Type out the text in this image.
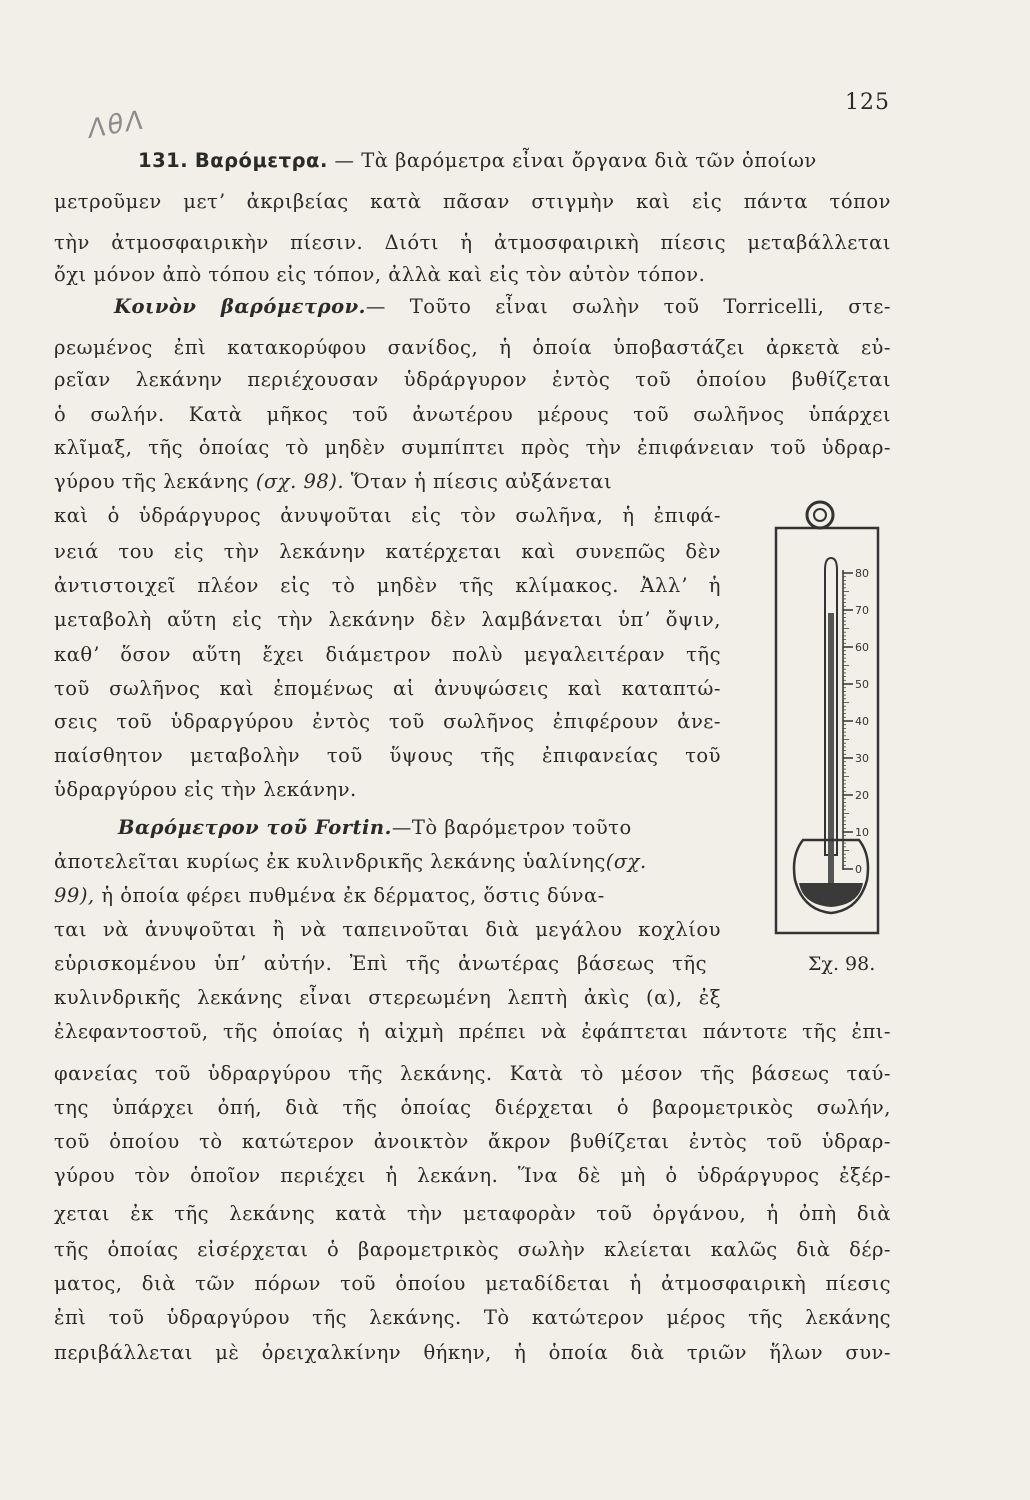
125
ΛθΛ
131. Βαρόμετρα. — Τὰ βαρόμετρα εἶναι ὄργανα διὰ τῶν ὁποίων
μετροῦμεν μετʼ ἀκριβείας κατὰ πᾶσαν στιγμὴν καὶ εἰς πάντα τόπον
τὴν ἀτμοσφαιρικὴν πίεσιν. Διότι ἡ ἀτμοσφαιρικὴ πίεσις μεταβάλλεται
ὄχι μόνον ἀπὸ τόπου εἰς τόπον, ἀλλὰ καὶ εἰς τὸν αὐτὸν τόπον.
Κοινὸν βαρόμετρον.— Τοῦτο εἶναι σωλὴν τοῦ Torricelli, στε-
ρεωμένος ἐπὶ κατακορύφου σανίδος, ἡ ὁποία ὑποβαστάζει ἀρκετὰ εὐ-
ρεῖαν λεκάνην περιέχουσαν ὑδράργυρον ἐντὸς τοῦ ὁποίου βυθίζεται
ὁ σωλήν. Κατὰ μῆκος τοῦ ἀνωτέρου μέρους τοῦ σωλῆνος ὑπάρχει
κλῖμαξ, τῆς ὁποίας τὸ μηδὲν συμπίπτει πρὸς τὴν ἐπιφάνειαν τοῦ ὑδραρ-
γύρου τῆς λεκάνης (σχ. 98). Ὅταν ἡ πίεσις αὐξάνεται
καὶ ὁ ὑδράργυρος ἀνυψοῦται εἰς τὸν σωλῆνα, ἡ ἐπιφά-
νειά του εἰς τὴν λεκάνην κατέρχεται καὶ συνεπῶς δὲν
ἀντιστοιχεῖ πλέον εἰς τὸ μηδὲν τῆς κλίμακος. Ἀλλʼ ἡ
μεταβολὴ αὕτη εἰς τὴν λεκάνην δὲν λαμβάνεται ὑπʼ ὄψιν,
καθʼ ὅσον αὕτη ἔχει διάμετρον πολὺ μεγαλειτέραν τῆς
τοῦ σωλῆνος καὶ ἑπομένως αἱ ἀνυψώσεις καὶ καταπτώ-
σεις τοῦ ὑδραργύρου ἐντὸς τοῦ σωλῆνος ἐπιφέρουν ἀνε-
παίσθητον μεταβολὴν τοῦ ὕψους τῆς ἐπιφανείας τοῦ
ὑδραργύρου εἰς τὴν λεκάνην.
Βαρόμετρον τοῦ Fortin.—Τὸ βαρόμετρον τοῦτο
ἀποτελεῖται κυρίως ἐκ κυλινδρικῆς λεκάνης ὑαλίνης(σχ.
99), ἡ ὁποία φέρει πυθμένα ἐκ δέρματος, ὅστις δύνα-
ται νὰ ἀνυψοῦται ἢ νὰ ταπεινοῦται διὰ μεγάλου κοχλίου
εὑρισκομένου ὑπʼ αὐτήν. Ἐπὶ τῆς ἀνωτέρας βάσεως τῆς
κυλινδρικῆς λεκάνης εἶναι στερεωμένη λεπτὴ ἀκὶς (α), ἐξ
ἐλεφαντοστοῦ, τῆς ὁποίας ἡ αἰχμὴ πρέπει νὰ ἐφάπτεται πάντοτε τῆς ἐπι-
φανείας τοῦ ὑδραργύρου τῆς λεκάνης. Κατὰ τὸ μέσον τῆς βάσεως ταύ-
της ὑπάρχει ὀπή, διὰ τῆς ὁποίας διέρχεται ὁ βαρομετρικὸς σωλήν,
τοῦ ὁποίου τὸ κατώτερον ἀνοικτὸν ἄκρον βυθίζεται ἐντὸς τοῦ ὑδραρ-
γύρου τὸν ὁποῖον περιέχει ἡ λεκάνη. Ἵνα δὲ μὴ ὁ ὑδράργυρος ἐξέρ-
χεται ἐκ τῆς λεκάνης κατὰ τὴν μεταφορὰν τοῦ ὀργάνου, ἡ ὀπὴ διὰ
τῆς ὁποίας εἰσέρχεται ὁ βαρομετρικὸς σωλὴν κλείεται καλῶς διὰ δέρ-
ματος, διὰ τῶν πόρων τοῦ ὁποίου μεταδίδεται ἡ ἀτμοσφαιρικὴ πίεσις
ἐπὶ τοῦ ὑδραργύρου τῆς λεκάνης. Τὸ κατώτερον μέρος τῆς λεκάνης
περιβάλλεται μὲ ὀρειχαλκίνην θήκην, ἡ ὁποία διὰ τριῶν ἥλων συν-
80
70
60
50
40
30
20
10
0
Σχ. 98.
